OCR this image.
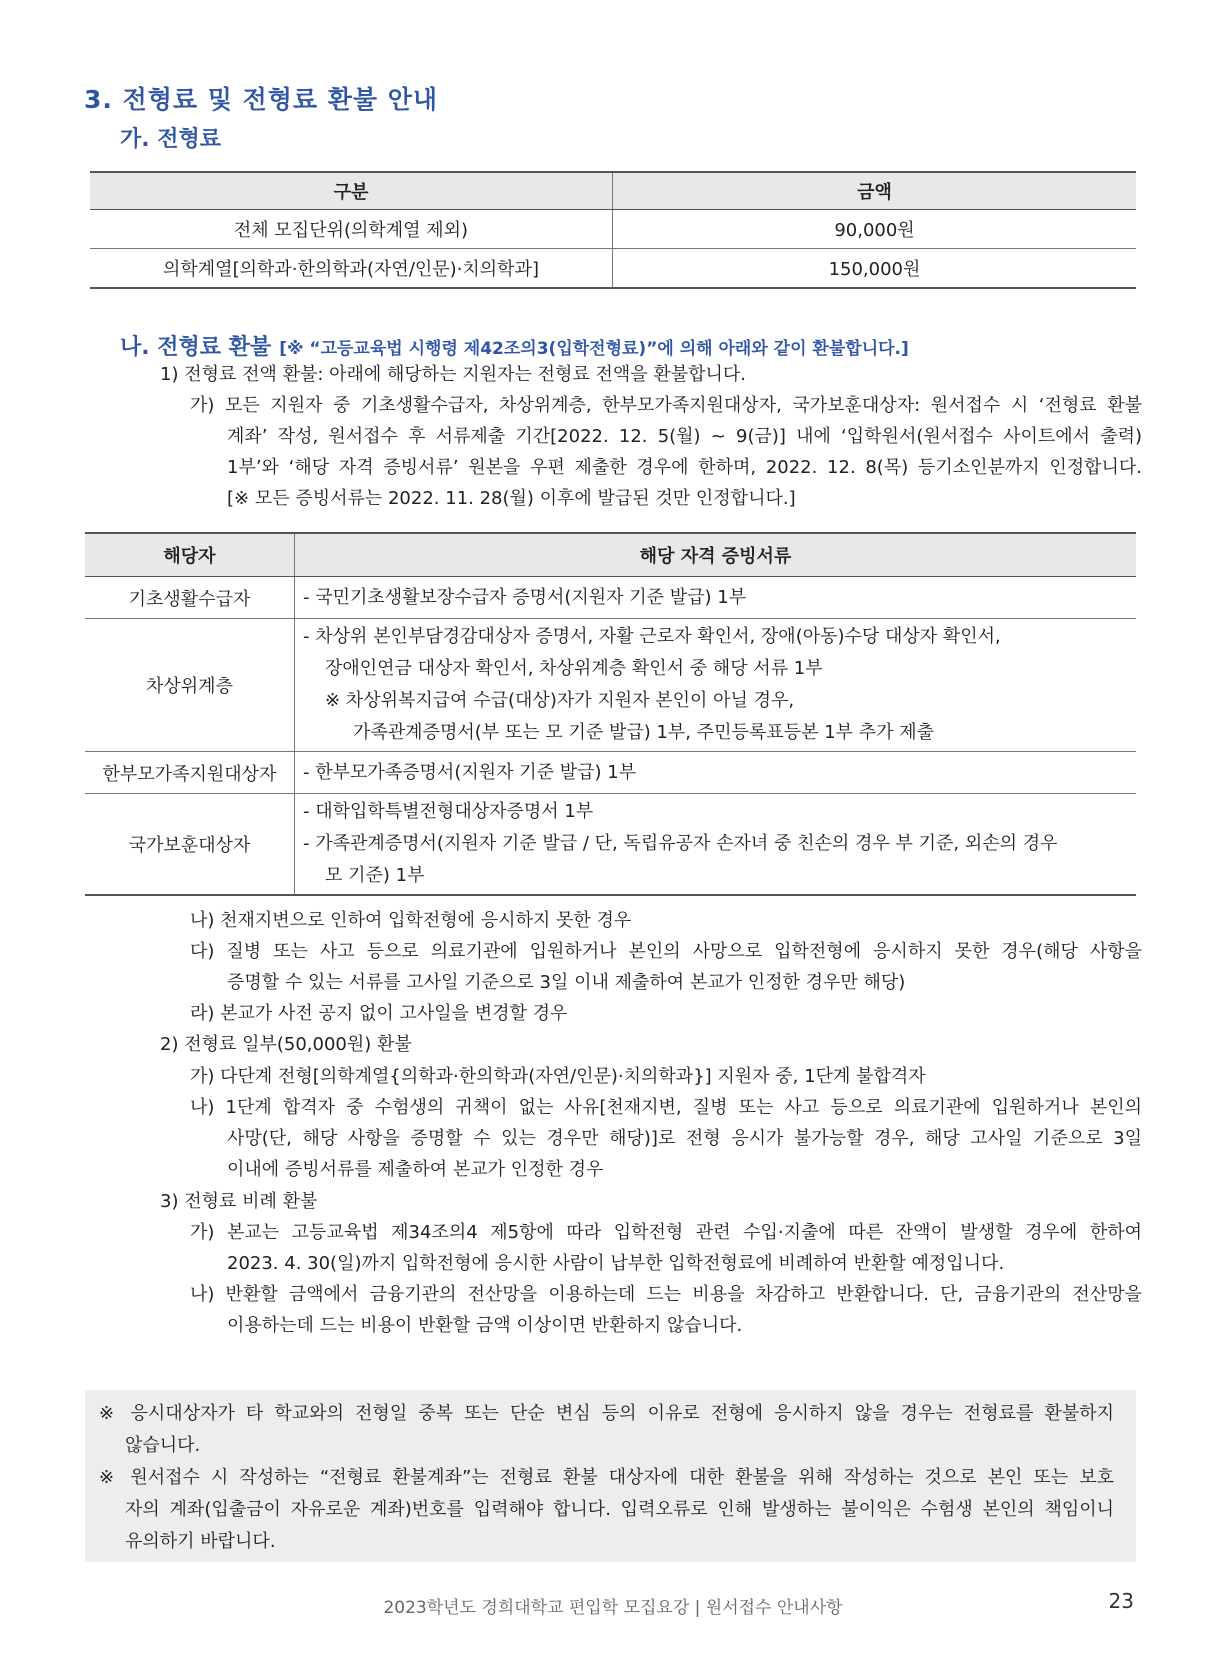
3. 전형료 및 전형료 환불 안내
가. 전형료
구분	금액
전체 모집단위(의학계열 제외)	90,000원
의학계열[의학과·한의학과(자연/인문)·치의학과]	150,000원
나. 전형료 환불 [※ “고등교육법 시행령 제42조의3(입학전형료)”에 의해 아래와 같이 환불합니다.]
1) 전형료 전액 환불: 아래에 해당하는 지원자는 전형료 전액을 환불합니다.
가) 모든 지원자 중 기초생활수급자, 차상위계층, 한부모가족지원대상자, 국가보훈대상자: 원서접수 시 ‘전형료 환불
계좌’ 작성, 원서접수 후 서류제출 기간[2022. 12. 5(월) ~ 9(금)] 내에 ‘입학원서(원서접수 사이트에서 출력)
1부’와 ‘해당 자격 증빙서류’ 원본을 우편 제출한 경우에 한하며, 2022. 12. 8(목) 등기소인분까지 인정합니다.
[※ 모든 증빙서류는 2022. 11. 28(월) 이후에 발급된 것만 인정합니다.]
해당자	해당 자격 증빙서류
기초생활수급자	- 국민기초생활보장수급자 증명서(지원자 기준 발급) 1부

차상위계층	- 차상위 본인부담경감대상자 증명서, 자활 근로자 확인서, 장애(아동)수당 대상자 확인서,
장애인연금 대상자 확인서, 차상위계층 확인서 중 해당 서류 1부
※ 차상위복지급여 수급(대상)자가 지원자 본인이 아닐 경우,
가족관계증명서(부 또는 모 기준 발급) 1부, 주민등록표등본 1부 추가 제출

한부모가족지원대상자	- 한부모가족증명서(지원자 기준 발급) 1부

국가보훈대상자	- 대학입학특별전형대상자증명서 1부
- 가족관계증명서(지원자 기준 발급 / 단, 독립유공자 손자녀 중 친손의 경우 부 기준, 외손의 경우
모 기준) 1부
나) 천재지변으로 인하여 입학전형에 응시하지 못한 경우
다) 질병 또는 사고 등으로 의료기관에 입원하거나 본인의 사망으로 입학전형에 응시하지 못한 경우(해당 사항을
증명할 수 있는 서류를 고사일 기준으로 3일 이내 제출하여 본교가 인정한 경우만 해당)
라) 본교가 사전 공지 없이 고사일을 변경할 경우
2) 전형료 일부(50,000원) 환불
가) 다단계 전형[의학계열{의학과·한의학과(자연/인문)·치의학과}] 지원자 중, 1단계 불합격자
나) 1단계 합격자 중 수험생의 귀책이 없는 사유[천재지변, 질병 또는 사고 등으로 의료기관에 입원하거나 본인의
사망(단, 해당 사항을 증명할 수 있는 경우만 해당)]로 전형 응시가 불가능할 경우, 해당 고사일 기준으로 3일
이내에 증빙서류를 제출하여 본교가 인정한 경우
3) 전형료 비례 환불
가) 본교는 고등교육법 제34조의4 제5항에 따라 입학전형 관련 수입·지출에 따른 잔액이 발생할 경우에 한하여
2023. 4. 30(일)까지 입학전형에 응시한 사람이 납부한 입학전형료에 비례하여 반환할 예정입니다.
나) 반환할 금액에서 금융기관의 전산망을 이용하는데 드는 비용을 차감하고 반환합니다. 단, 금융기관의 전산망을
이용하는데 드는 비용이 반환할 금액 이상이면 반환하지 않습니다.
※ 응시대상자가 타 학교와의 전형일 중복 또는 단순 변심 등의 이유로 전형에 응시하지 않을 경우는 전형료를 환불하지
않습니다.
※ 원서접수 시 작성하는 “전형료 환불계좌”는 전형료 환불 대상자에 대한 환불을 위해 작성하는 것으로 본인 또는 보호
자의 계좌(입출금이 자유로운 계좌)번호를 입력해야 합니다. 입력오류로 인해 발생하는 불이익은 수험생 본인의 책임이니
유의하기 바랍니다.
2023학년도 경희대학교 편입학 모집요강 | 원서접수 안내사항	23
